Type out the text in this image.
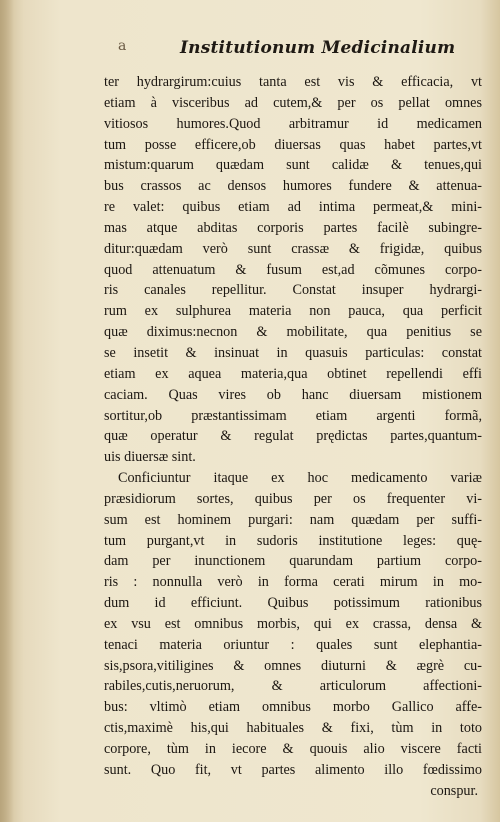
a	Institutionum Medicinalium
ter hydrargirum:cuius tanta est vis & efficacia, vt
etiam à visceribus ad cutem,& per os pellat omnes
vitiosos humores.Quod arbitramur id medicamen
tum posse efficere,ob diuersas quas habet partes,vt
mistum:quarum quædam sunt calidæ & tenues,qui
bus crassos ac densos humores fundere & attenua-
re valet: quibus etiam ad intima permeat,& mini-
mas atque abditas corporis partes facilè subingre-
ditur:quædam verò sunt crassæ & frigidæ, quibus
quod attenuatum & fusum est,ad cõmunes corpo-
ris canales repellitur. Constat insuper hydrargi-
rum ex sulphurea materia non pauca, qua perficit
quæ diximus:necnon & mobilitate, qua penitius se
se insetit & insinuat in quasuis particulas: constat
etiam ex aquea materia,qua obtinet repellendi effi
caciam. Quas vires ob hanc diuersam mistionem
sortitur,ob præstantissimam etiam argenti formã,
quæ operatur & regulat prędictas partes,quantum-
uis diuersæ sint.
Conficiuntur itaque ex hoc medicamento variæ
præsidiorum sortes, quibus per os frequenter vi-
sum est hominem purgari: nam quædam per suffi-
tum purgant,vt in sudoris institutione leges: quę-
dam per inunctionem quarundam partium corpo-
ris : nonnulla verò in forma cerati mirum in mo-
dum id efficiunt. Quibus potissimum rationibus
ex vsu est omnibus morbis, qui ex crassa, densa &
tenaci materia oriuntur : quales sunt elephantia-
sis,psora,vitiligines & omnes diuturni & ægrè cu-
rabiles,cutis,neruorum, & articulorum affectioni-
bus: vltimò etiam omnibus morbo Gallico affe-
ctis,maximè his,qui habituales & fixi, tùm in toto
corpore, tùm in iecore & quouis alio viscere facti
sunt. Quo fit, vt partes alimento illo fœdissimo
conspur.
